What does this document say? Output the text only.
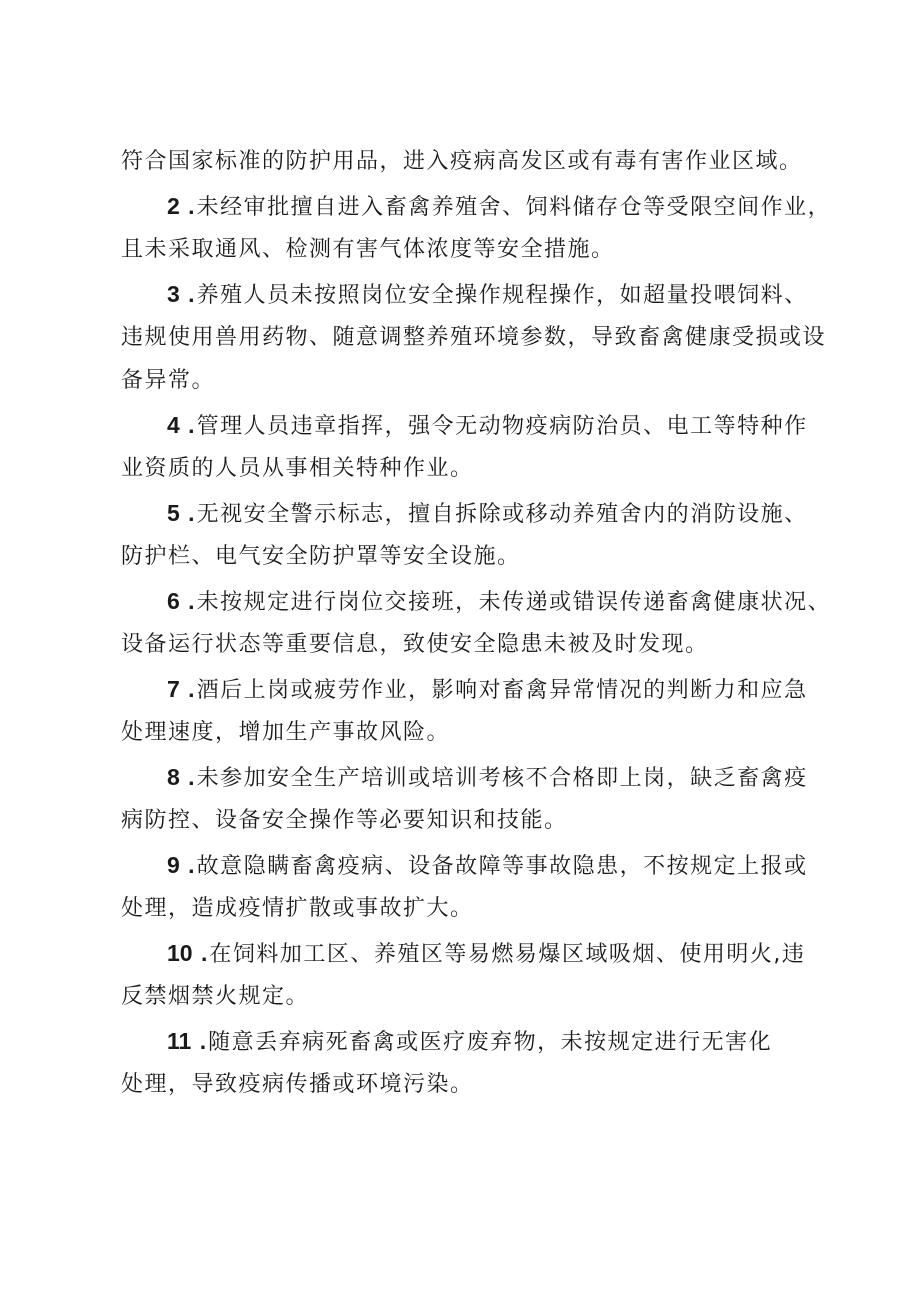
符合国家标准的防护用品，进入疫病高发区或有毒有害作业区域。

2 .未经审批擅自进入畜禽养殖舍、饲料储存仓等受限空间作业，
且未采取通风、检测有害气体浓度等安全措施。

3 .养殖人员未按照岗位安全操作规程操作，如超量投喂饲料、
违规使用兽用药物、随意调整养殖环境参数，导致畜禽健康受损或设
备异常。

4 .管理人员违章指挥，强令无动物疫病防治员、电工等特种作
业资质的人员从事相关特种作业。

5 .无视安全警示标志，擅自拆除或移动养殖舍内的消防设施、
防护栏、电气安全防护罩等安全设施。

6 .未按规定进行岗位交接班，未传递或错误传递畜禽健康状况、
设备运行状态等重要信息，致使安全隐患未被及时发现。

7 .酒后上岗或疲劳作业，影响对畜禽异常情况的判断力和应急
处理速度，增加生产事故风险。

8 .未参加安全生产培训或培训考核不合格即上岗，缺乏畜禽疫
病防控、设备安全操作等必要知识和技能。

9 .故意隐瞒畜禽疫病、设备故障等事故隐患，不按规定上报或
处理，造成疫情扩散或事故扩大。

10 .在饲料加工区、养殖区等易燃易爆区域吸烟、使用明火,违
反禁烟禁火规定。

11 .随意丢弃病死畜禽或医疗废弃物，未按规定进行无害化
处理，导致疫病传播或环境污染。
